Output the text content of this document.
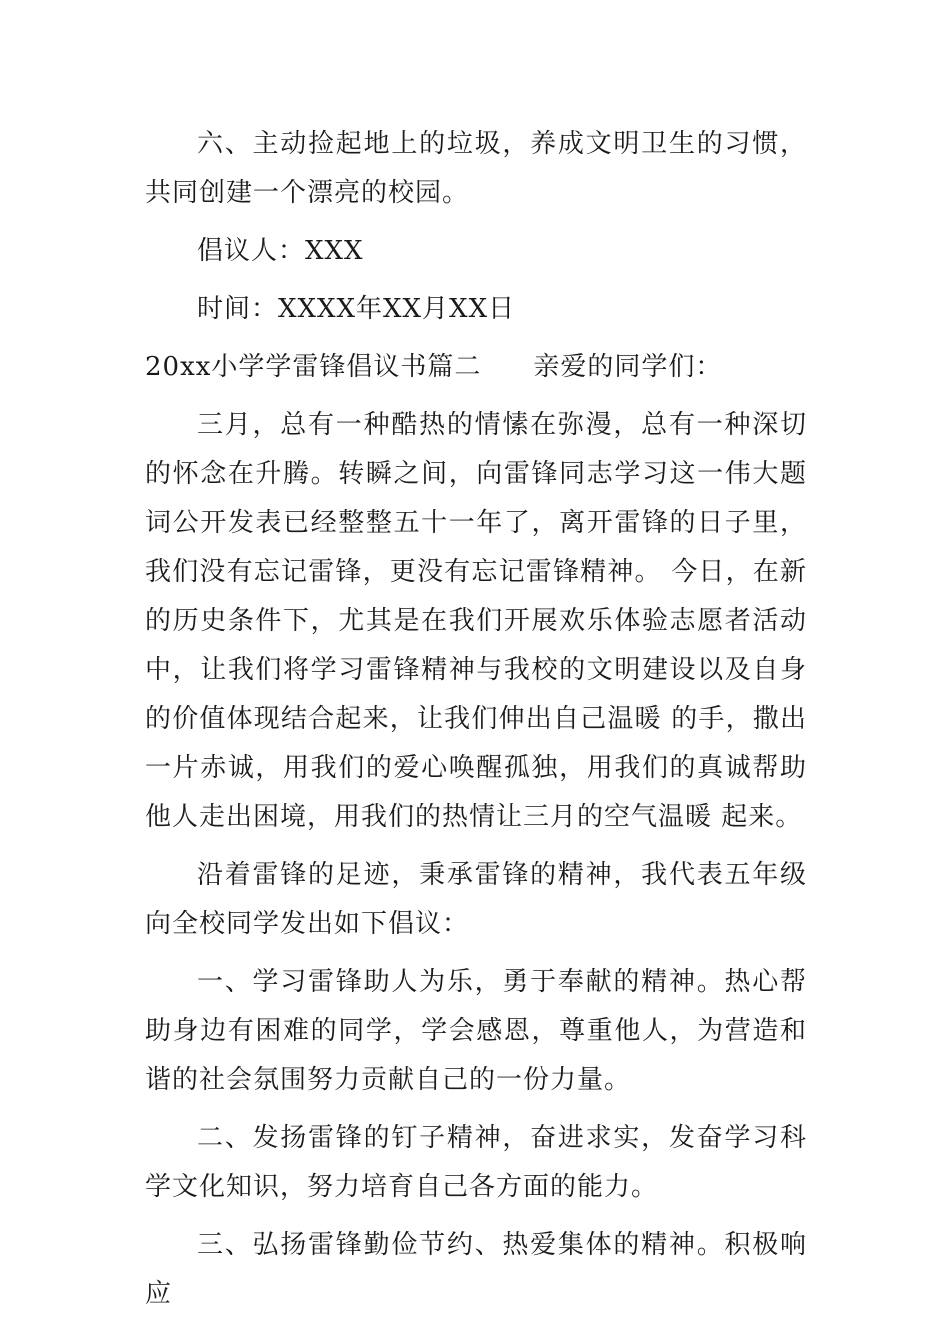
六、主动捡起地上的垃圾，养成文明卫生的习惯，共同创建一个漂亮的校园。

倡议人：XXX

时间：XXXX年XX月XX日

20xx小学学雷锋倡议书篇二 亲爱的同学们：

三月，总有一种酷热的情愫在弥漫，总有一种深切的怀念在升腾。转瞬之间，向雷锋同志学习这一伟大题词公开发表已经整整五十一年了，离开雷锋的日子里，我们没有忘记雷锋，更没有忘记雷锋精神。 今日，在新的历史条件下，尤其是在我们开展欢乐体验志愿者活动中，让我们将学习雷锋精神与我校的文明建设以及自身的价值体现结合起来，让我们伸出自己温暖 的手，撒出一片赤诚，用我们的爱心唤醒孤独，用我们的真诚帮助他人走出困境，用我们的热情让三月的空气温暖 起来。

沿着雷锋的足迹，秉承雷锋的精神，我代表五年级向全校同学发出如下倡议：

一、学习雷锋助人为乐，勇于奉献的精神。热心帮助身边有困难的同学，学会感恩，尊重他人，为营造和谐的社会氛围努力贡献自己的一份力量。

二、发扬雷锋的钉子精神，奋进求实，发奋学习科学文化知识，努力培育自己各方面的能力。

三、弘扬雷锋勤俭节约、热爱集体的精神。积极响应
